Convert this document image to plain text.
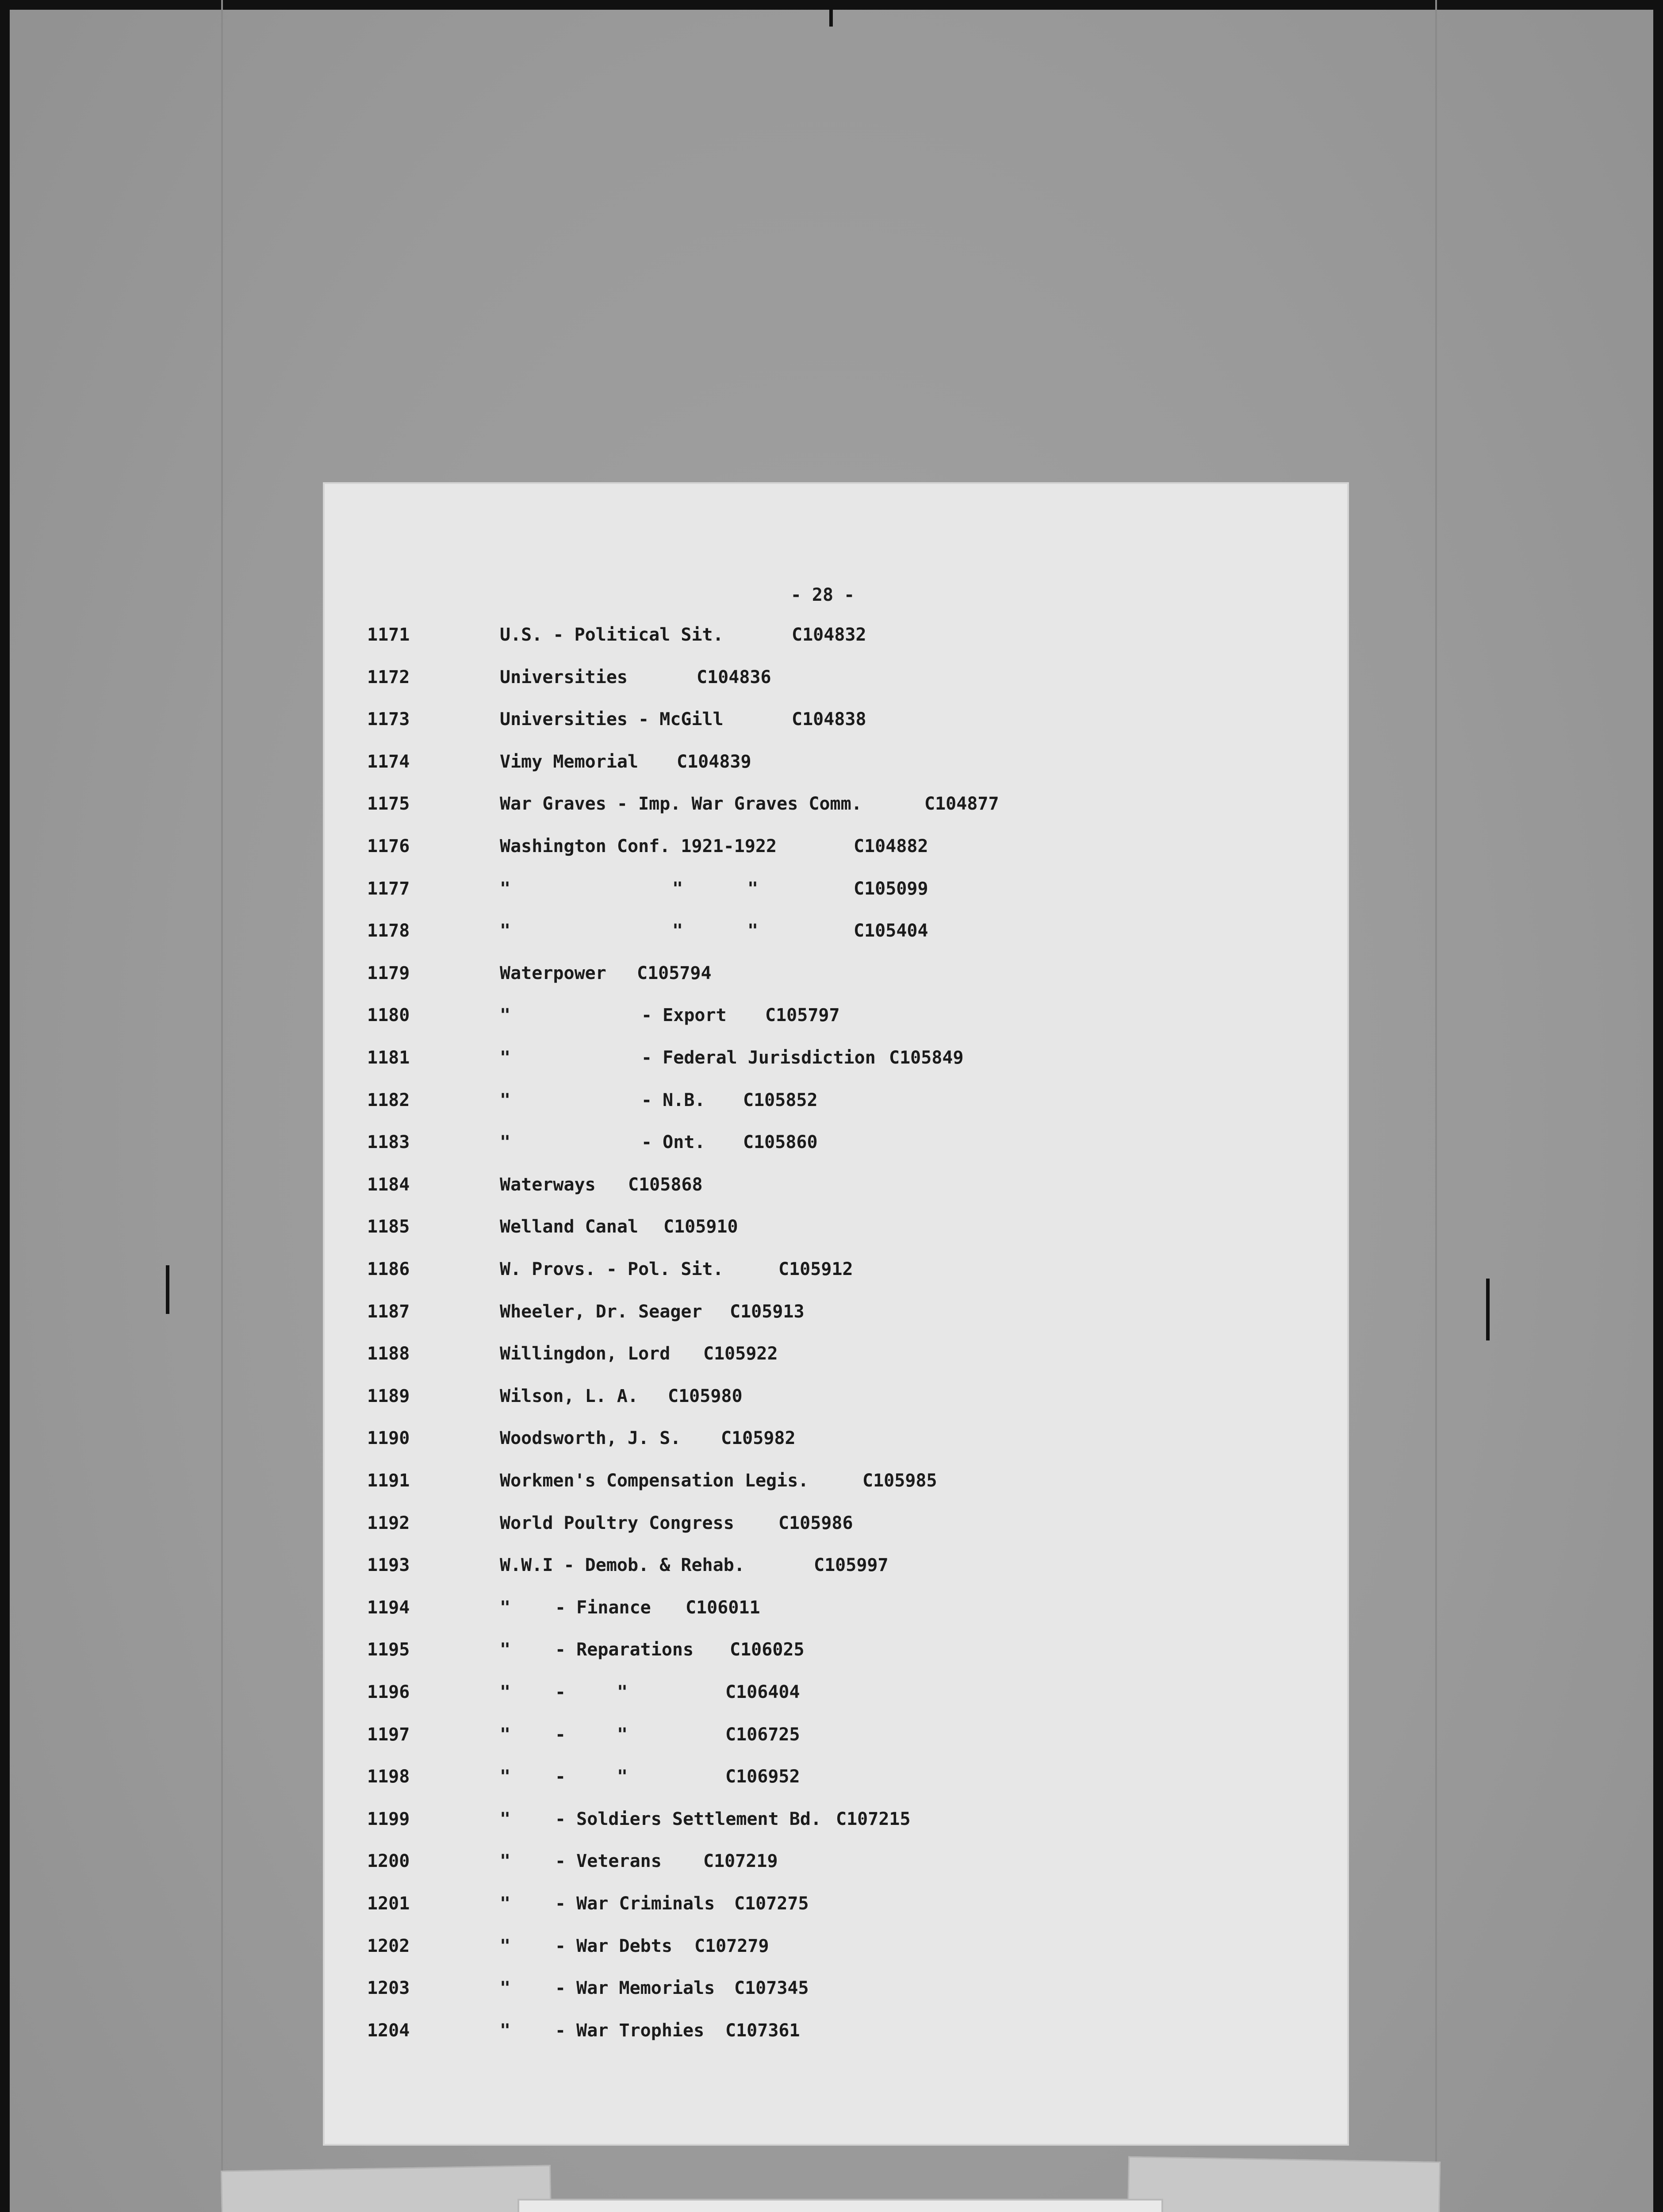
- 28 -
1171	U.S. - Political Sit.	C104832
1172	Universities	C104836
1173	Universities - McGill	C104838
1174	Vimy Memorial C104839
1175	War Graves - Imp. War Graves Comm.	C104877
1176	Washington Conf. 1921-1922	C104882
1177	"	"	"	C105099
1178	"	"	"	C105404
1179	Waterpower C105794
1180	"	- Export C105797
1181	"	- Federal Jurisdiction C105849
1182	"	- N.B. C105852
1183	"	- Ont. C105860
1184	Waterways C105868
1185	Welland Canal C105910
1186	W. Provs. - Pol. Sit.	C105912
1187	Wheeler, Dr. Seager C105913
1188	Willingdon, Lord C105922
1189	Wilson, L. A. C105980
1190	Woodsworth, J. S. C105982
1191	Workmen's Compensation Legis.	C105985
1192	World Poultry Congress	C105986
1193	W.W.I - Demob. & Rehab.	C105997
1194	"	- Finance C106011
1195	"	- Reparations C106025
1196	"	-	"	C106404
1197	"	-	"	C106725
1198	"	-	"	C106952
1199	"	- Soldiers Settlement Bd. C107215
1200	"	- Veterans C107219
1201	"	- War Criminals C107275
1202	"	- War Debts C107279
1203	"	- War Memorials C107345
1204	"	- War Trophies C107361
